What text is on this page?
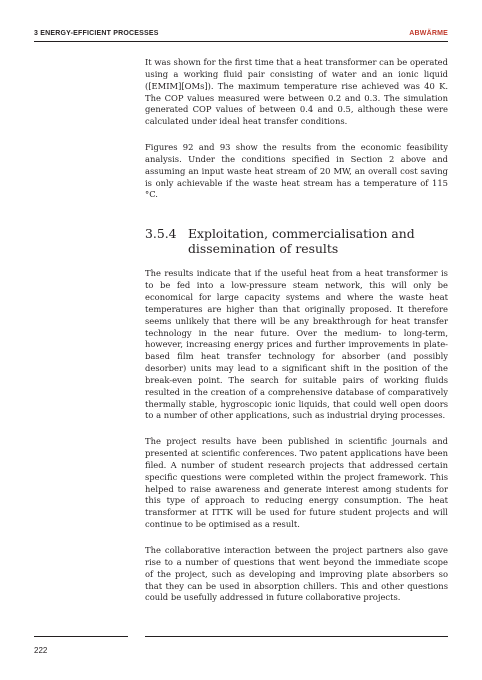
3 ENERGY-EFFICIENT PROCESSES	ABWÄRME

It was shown for the first time that a heat transformer can be operated using a working fluid pair consisting of water and an ionic liquid ([EMIM][OMs]). The maximum temperature rise achieved was 40 K. The COP values measured were between 0.2 and 0.3. The simulation generated COP values of between 0.4 and 0.5, although these were calculated under ideal heat transfer conditions.

Figures 92 and 93 show the results from the economic feasibility analysis. Under the conditions specified in Section 2 above and assuming an input waste heat stream of 20 MW, an overall cost saving is only achievable if the waste heat stream has a temperature of 115 °C.

3.5.4 Exploitation, commercialisation and dissemination of results

The results indicate that if the useful heat from a heat transformer is to be fed into a low-pressure steam network, this will only be economical for large capacity systems and where the waste heat temperatures are higher than that originally proposed. It therefore seems unlikely that there will be any breakthrough for heat transfer technology in the near future. Over the medium- to long-term, however, increasing energy prices and further improvements in plate-based film heat transfer technology for absorber (and possibly desorber) units may lead to a significant shift in the position of the break-even point. The search for suitable pairs of working fluids resulted in the creation of a comprehensive database of comparatively thermally stable, hygroscopic ionic liquids, that could well open doors to a number of other applications, such as industrial drying processes.

The project results have been published in scientific journals and presented at scientific conferences. Two patent applications have been filed. A number of student research projects that addressed certain specific questions were completed within the project framework. This helped to raise awareness and generate interest among students for this type of approach to reducing energy consumption. The heat transformer at ITTK will be used for future student projects and will continue to be optimised as a result.

The collaborative interaction between the project partners also gave rise to a number of questions that went beyond the immediate scope of the project, such as developing and improving plate absorbers so that they can be used in absorption chillers. This and other questions could be usefully addressed in future collaborative projects.

222
